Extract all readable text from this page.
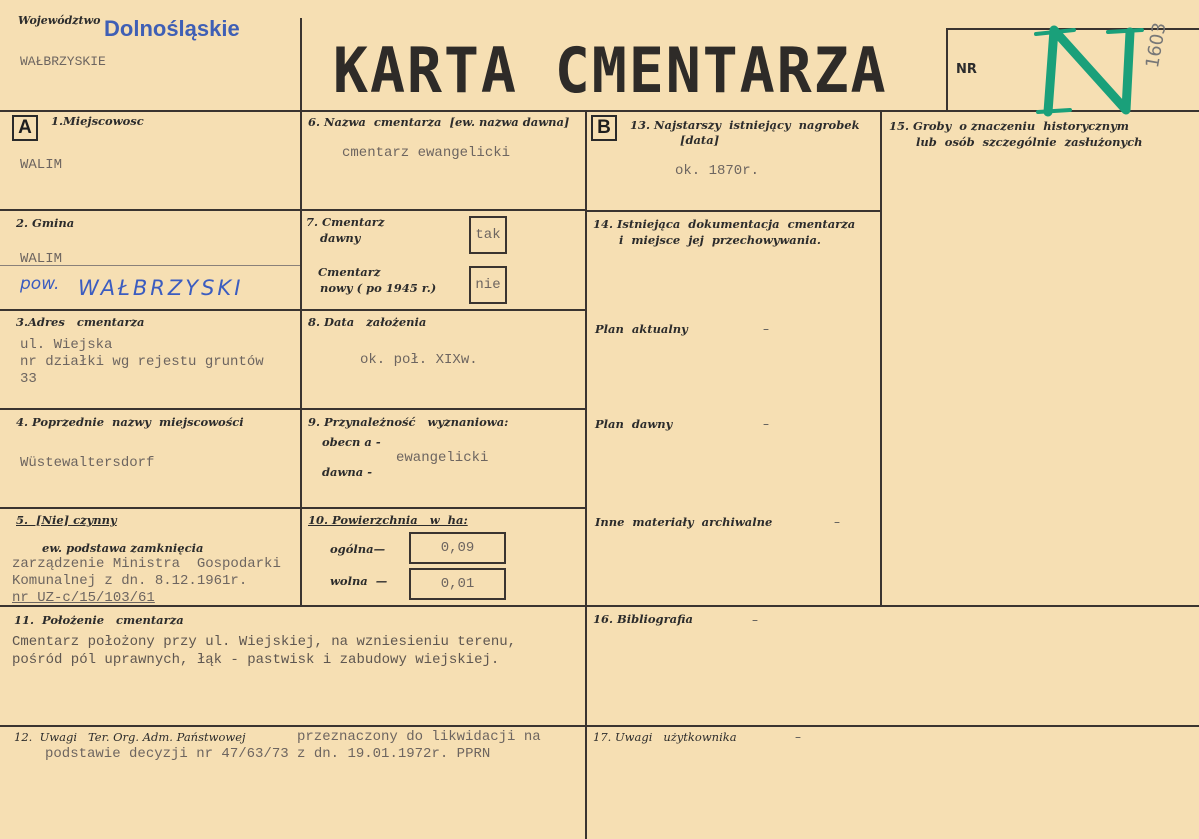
NR	1603
Województwo Dolnośląskie
WAŁBRZYSKIE	KARTA CMENTARZA
A	1.Miejscowosc
WALIM
2. Gmina
WALIM
pow. WAŁBRZYSKI
3.Adres   cmentarza
ul. Wiejska
nr działki wg rejestu gruntów
33
4. Poprzednie  nazwy  miejscowości
Wüstewaltersdorf
5.  [Nie] czynny
ew. podstawa zamknięcia
zarządzenie Ministra  Gospodarki
Komunalnej z dn. 8.12.1961r.
nr UZ-c/15/103/61
6. Nazwa  cmentarza  [ew. nazwa dawna]
cmentarz ewangelicki
7. Cmentarz
dawny	tak
Cmentarz
nowy ( po 1945 r.)	nie
8. Data   założenia
ok. poł. XIXw.
9. Przynależność   wyznaniowa:
obecn a -
ewangelicki
dawna -
10. Powierzchnia   w  ha:
ogólna—	0,09
wolna  —	0,01
B	13. Najstarszy  istniejący  nagrobek
[data]
ok. 1870r.
14. Istniejąca  dokumentacja  cmentarza
i  miejsce  jej  przechowywania.
Plan  aktualny	–
Plan  dawny	–
Inne  materiały  archiwalne	–
15. Groby  o znaczeniu  historycznym
lub  osób  szczególnie  zasłużonych
11.  Położenie   cmentarza
Cmentarz położony przy ul. Wiejskiej, na wzniesieniu terenu,
pośród pól uprawnych, łąk - pastwisk i zabudowy wiejskiej.
16. Bibliografia	–
12.  Uwagi   Ter. Org. Adm. Państwowej	przeznaczony do likwidacji na
podstawie decyzji nr 47/63/73 z dn. 19.01.1972r. PPRN
17. Uwagi   użytkownika	–
